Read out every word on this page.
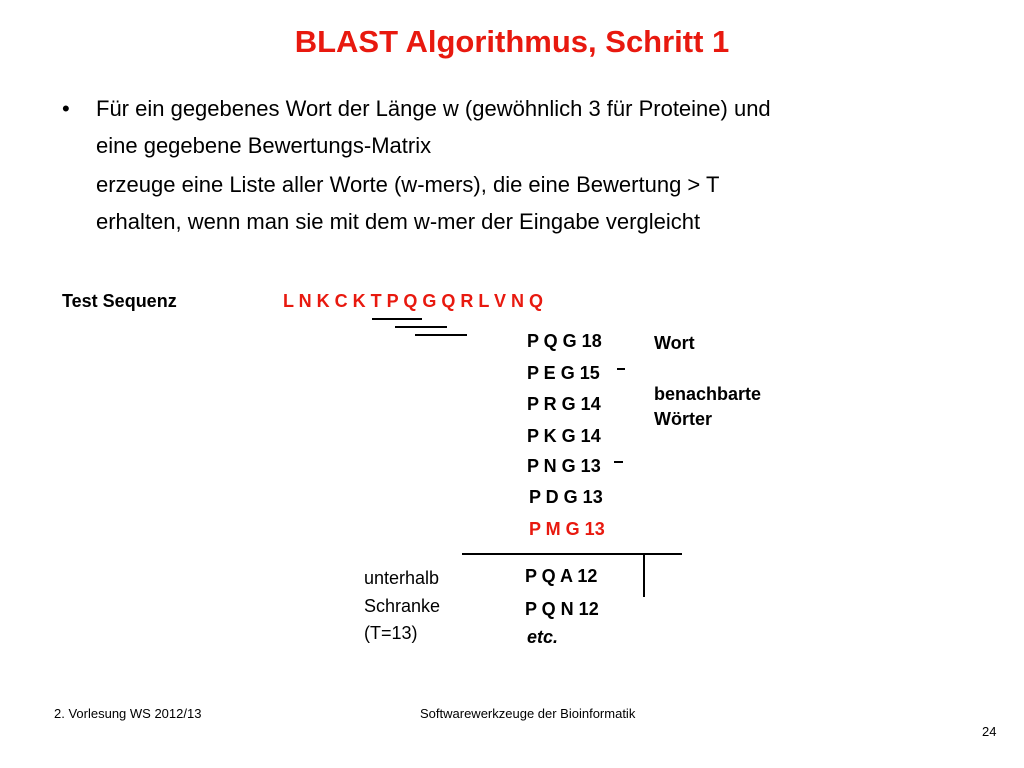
BLAST Algorithmus, Schritt 1
• Für ein gegebenes Wort der Länge w (gewöhnlich 3 für Proteine) und
eine gegebene Bewertungs-Matrix
erzeuge eine Liste aller Worte (w-mers), die eine Bewertung > T
erhalten, wenn man sie mit dem w-mer der Eingabe vergleicht
Test Sequenz	L N K C K T P Q G Q R L V N Q
P Q G 18
P E G 15
P R G 14
P K G 14
P N G 13
P D G 13
P M G 13
P Q A 12
P Q N 12
etc.
Wort
benachbarte
Wörter
unterhalb
Schranke
(T=13)
2. Vorlesung WS 2012/13	Softwarewerkzeuge der Bioinformatik
24
